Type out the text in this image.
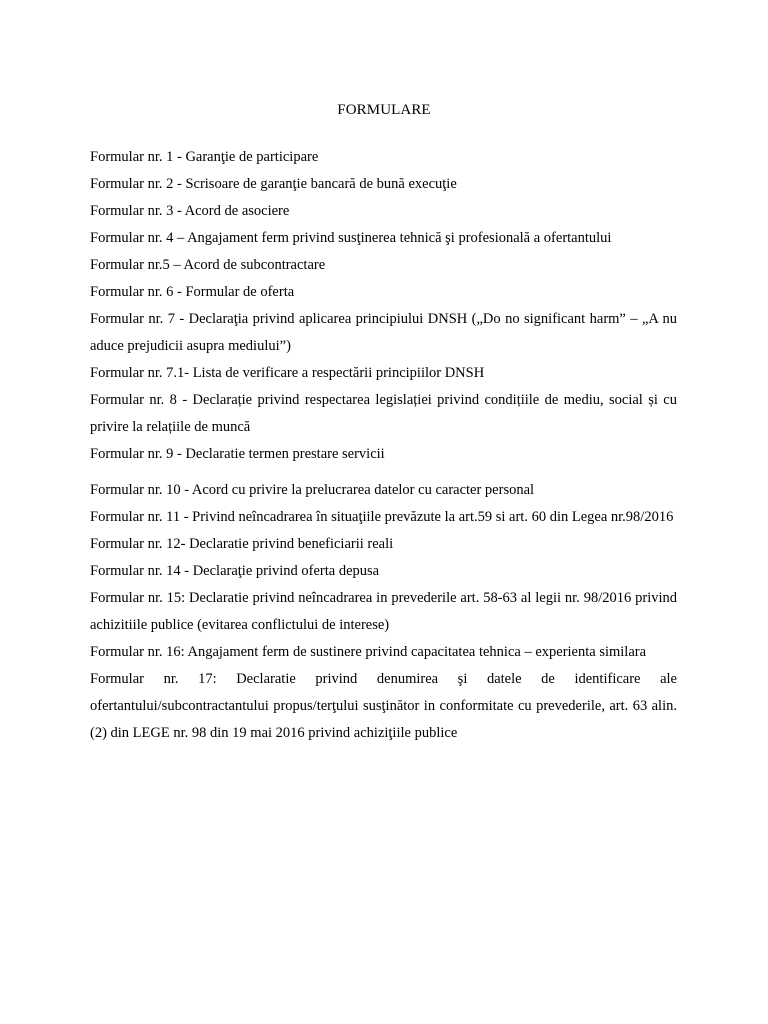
FORMULARE
Formular nr. 1 - Garanţie de participare
Formular nr. 2 - Scrisoare de garanţie bancară de bună execuţie
Formular nr. 3 - Acord de asociere
Formular nr. 4 – Angajament ferm privind susţinerea tehnică şi profesională a ofertantului
Formular nr.5 – Acord de subcontractare
Formular nr. 6 - Formular de oferta
Formular nr. 7 - Declaraţia privind aplicarea principiului DNSH („Do no significant harm” – „A nu aduce prejudicii asupra mediului”)
Formular nr. 7.1- Lista de verificare a respectării principiilor DNSH
Formular nr. 8 - Declarație privind respectarea legislației privind condițiile de mediu, social și cu privire la relațiile de muncă
Formular nr. 9 - Declaratie termen prestare servicii
Formular nr. 10 - Acord cu privire la prelucrarea datelor cu caracter personal
Formular nr. 11 - Privind neîncadrarea în situaţiile prevăzute la art.59 si art. 60 din Legea nr.98/2016
Formular nr. 12- Declaratie privind beneficiarii reali
Formular nr. 14 - Declaraţie privind oferta depusa
Formular nr. 15: Declaratie privind neîncadrarea in prevederile art. 58-63 al legii nr. 98/2016 privind achizitiile publice (evitarea conflictului de interese)
Formular nr. 16: Angajament ferm de sustinere privind capacitatea tehnica – experienta similara
Formular nr. 17: Declaratie privind denumirea şi datele de identificare ale ofertantului/subcontractantului propus/terţului susţinător in conformitate cu prevederile, art. 63 alin. (2) din LEGE nr. 98 din 19 mai 2016 privind achiziţiile publice
